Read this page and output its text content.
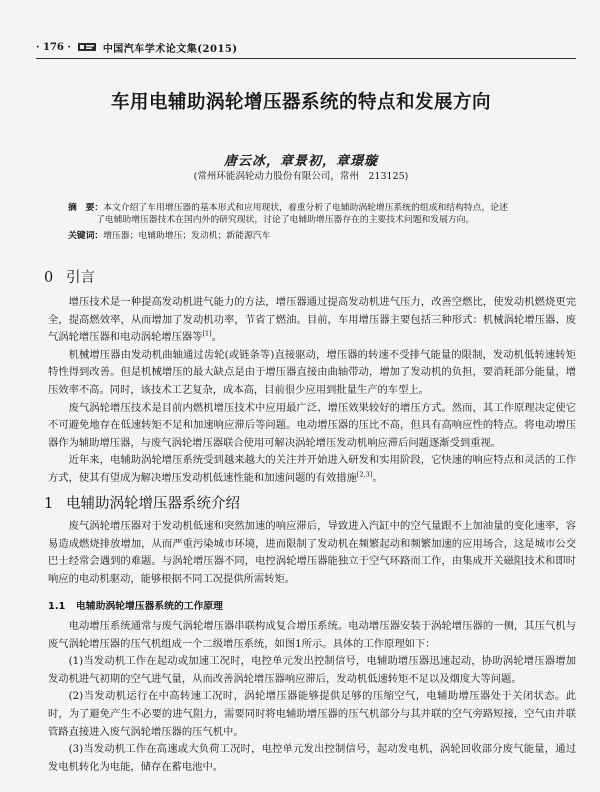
· 176 ·	中国汽车学术论文集(2015)
车用电辅助涡轮增压器系统的特点和发展方向
唐云冰，章景初，章璟璇
(常州环能涡轮动力股份有限公司，常州　213125)
摘　要：本文介绍了车用增压器的基本形式和应用现状，着重分析了电辅助涡轮增压系统的组成和结构特点，论述
了电辅助增压器技术在国内外的研究现状，讨论了电辅助增压器存在的主要技术问题和发展方向。
关键词：增压器；电辅助增压；发动机；新能源汽车
0 引言

增压技术是一种提高发动机进气能力的方法，增压器通过提高发动机进气压力，改善空燃比，使发动机燃烧更完全，提高燃效率，从而增加了发动机功率，节省了燃油。目前，车用增压器主要包括三种形式：机械涡轮增压器、废气涡轮增压器和电动涡轮增压器等[1]。

机械增压器由发动机曲轴通过齿轮(或链条等)直接驱动，增压器的转速不受排气能量的限制，发动机低转速转矩特性得到改善。但是机械增压的最大缺点是由于增压器直接由曲轴带动，增加了发动机的负担，要消耗部分能量，增压效率不高。同时，该技术工艺复杂，成本高，目前很少应用到批量生产的车型上。

废气涡轮增压技术是目前内燃机增压技术中应用最广泛、增压效果较好的增压方式。然而，其工作原理决定使它不可避免地存在低速转矩不足和加速响应滞后等问题。电动增压器的压比不高，但具有高响应性的特点。将电动增压器作为辅助增压器，与废气涡轮增压器联合使用可解决涡轮增压发动机响应滞后问题逐渐受到重视。

近年来，电辅助涡轮增压系统受到越来越大的关注并开始进入研发和实用阶段，它快速的响应特点和灵活的工作方式，使其有望成为解决增压发动机低速性能和加速问题的有效措施[2,3]。

1 电辅助涡轮增压器系统介绍

废气涡轮增压器对于发动机低速和突然加速的响应滞后，导致进入汽缸中的空气量跟不上加油量的变化速率，容易造成燃烧排放增加，从而严重污染城市环境，进而限制了发动机在频繁起动和频繁加速的应用场合，这是城市公交巴士经常会遇到的难题。与涡轮增压器不同，电控涡轮增压器能独立于空气环路而工作，由集成开关磁阻技术和即时响应的电动机驱动，能够根据不同工况提供所需转矩。

1.1 电辅助涡轮增压器系统的工作原理

电动增压系统通常与废气涡轮增压器串联构成复合增压系统。电动增压器安装于涡轮增压器的一侧，其压气机与废气涡轮增压器的压气机组成一个二级增压系统，如图1所示。具体的工作原理如下：

(1)当发动机工作在起动或加速工况时，电控单元发出控制信号，电辅助增压器迅速起动，协助涡轮增压器增加发动机进气初期的空气进气量，从而改善涡轮增压器响应滞后，发动机低速转矩不足以及烟度大等问题。

(2)当发动机运行在中高转速工况时，涡轮增压器能够提供足够的压缩空气，电辅助增压器处于关闭状态。此时，为了避免产生不必要的进气阻力，需要同时将电辅助增压器的压气机部分与其并联的空气旁路短接，空气由并联管路直接进入废气涡轮增压器的压气机中。

(3)当发动机工作在高速或大负荷工况时，电控单元发出控制信号，起动发电机，涡轮回收部分废气能量，通过发电机转化为电能，储存在蓄电池中。
